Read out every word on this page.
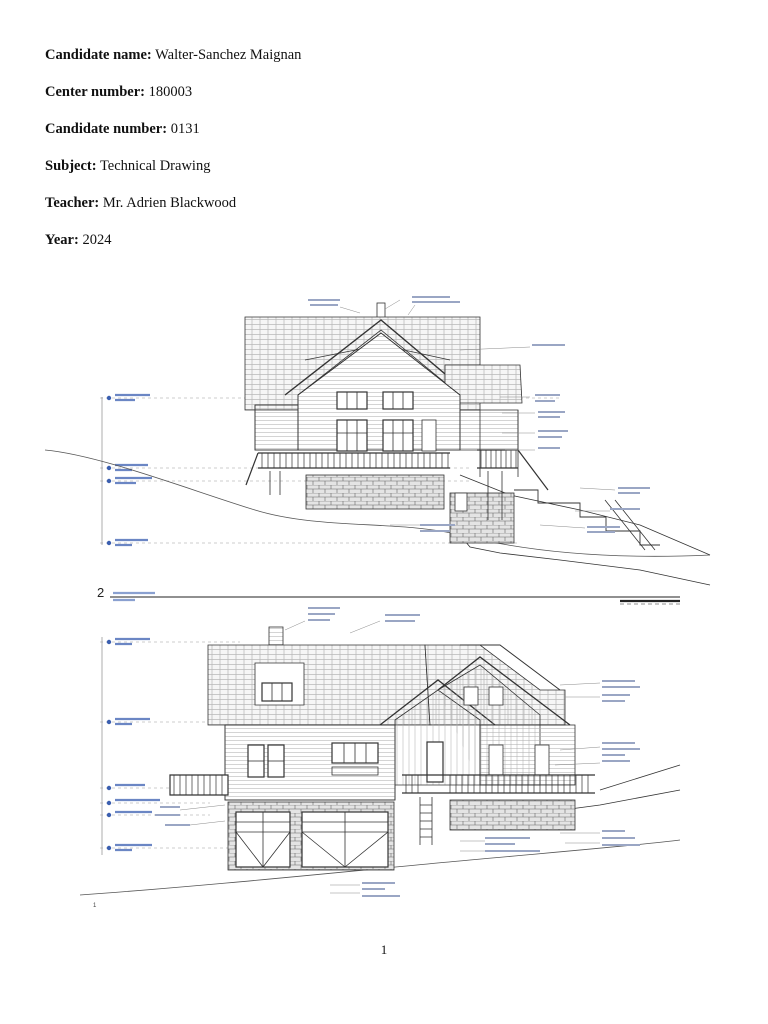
Candidate name: Walter-Sanchez Maignan
Center number: 180003
Candidate number: 0131
Subject: Technical Drawing
Teacher: Mr. Adrien Blackwood
Year: 2024
2
1
1
